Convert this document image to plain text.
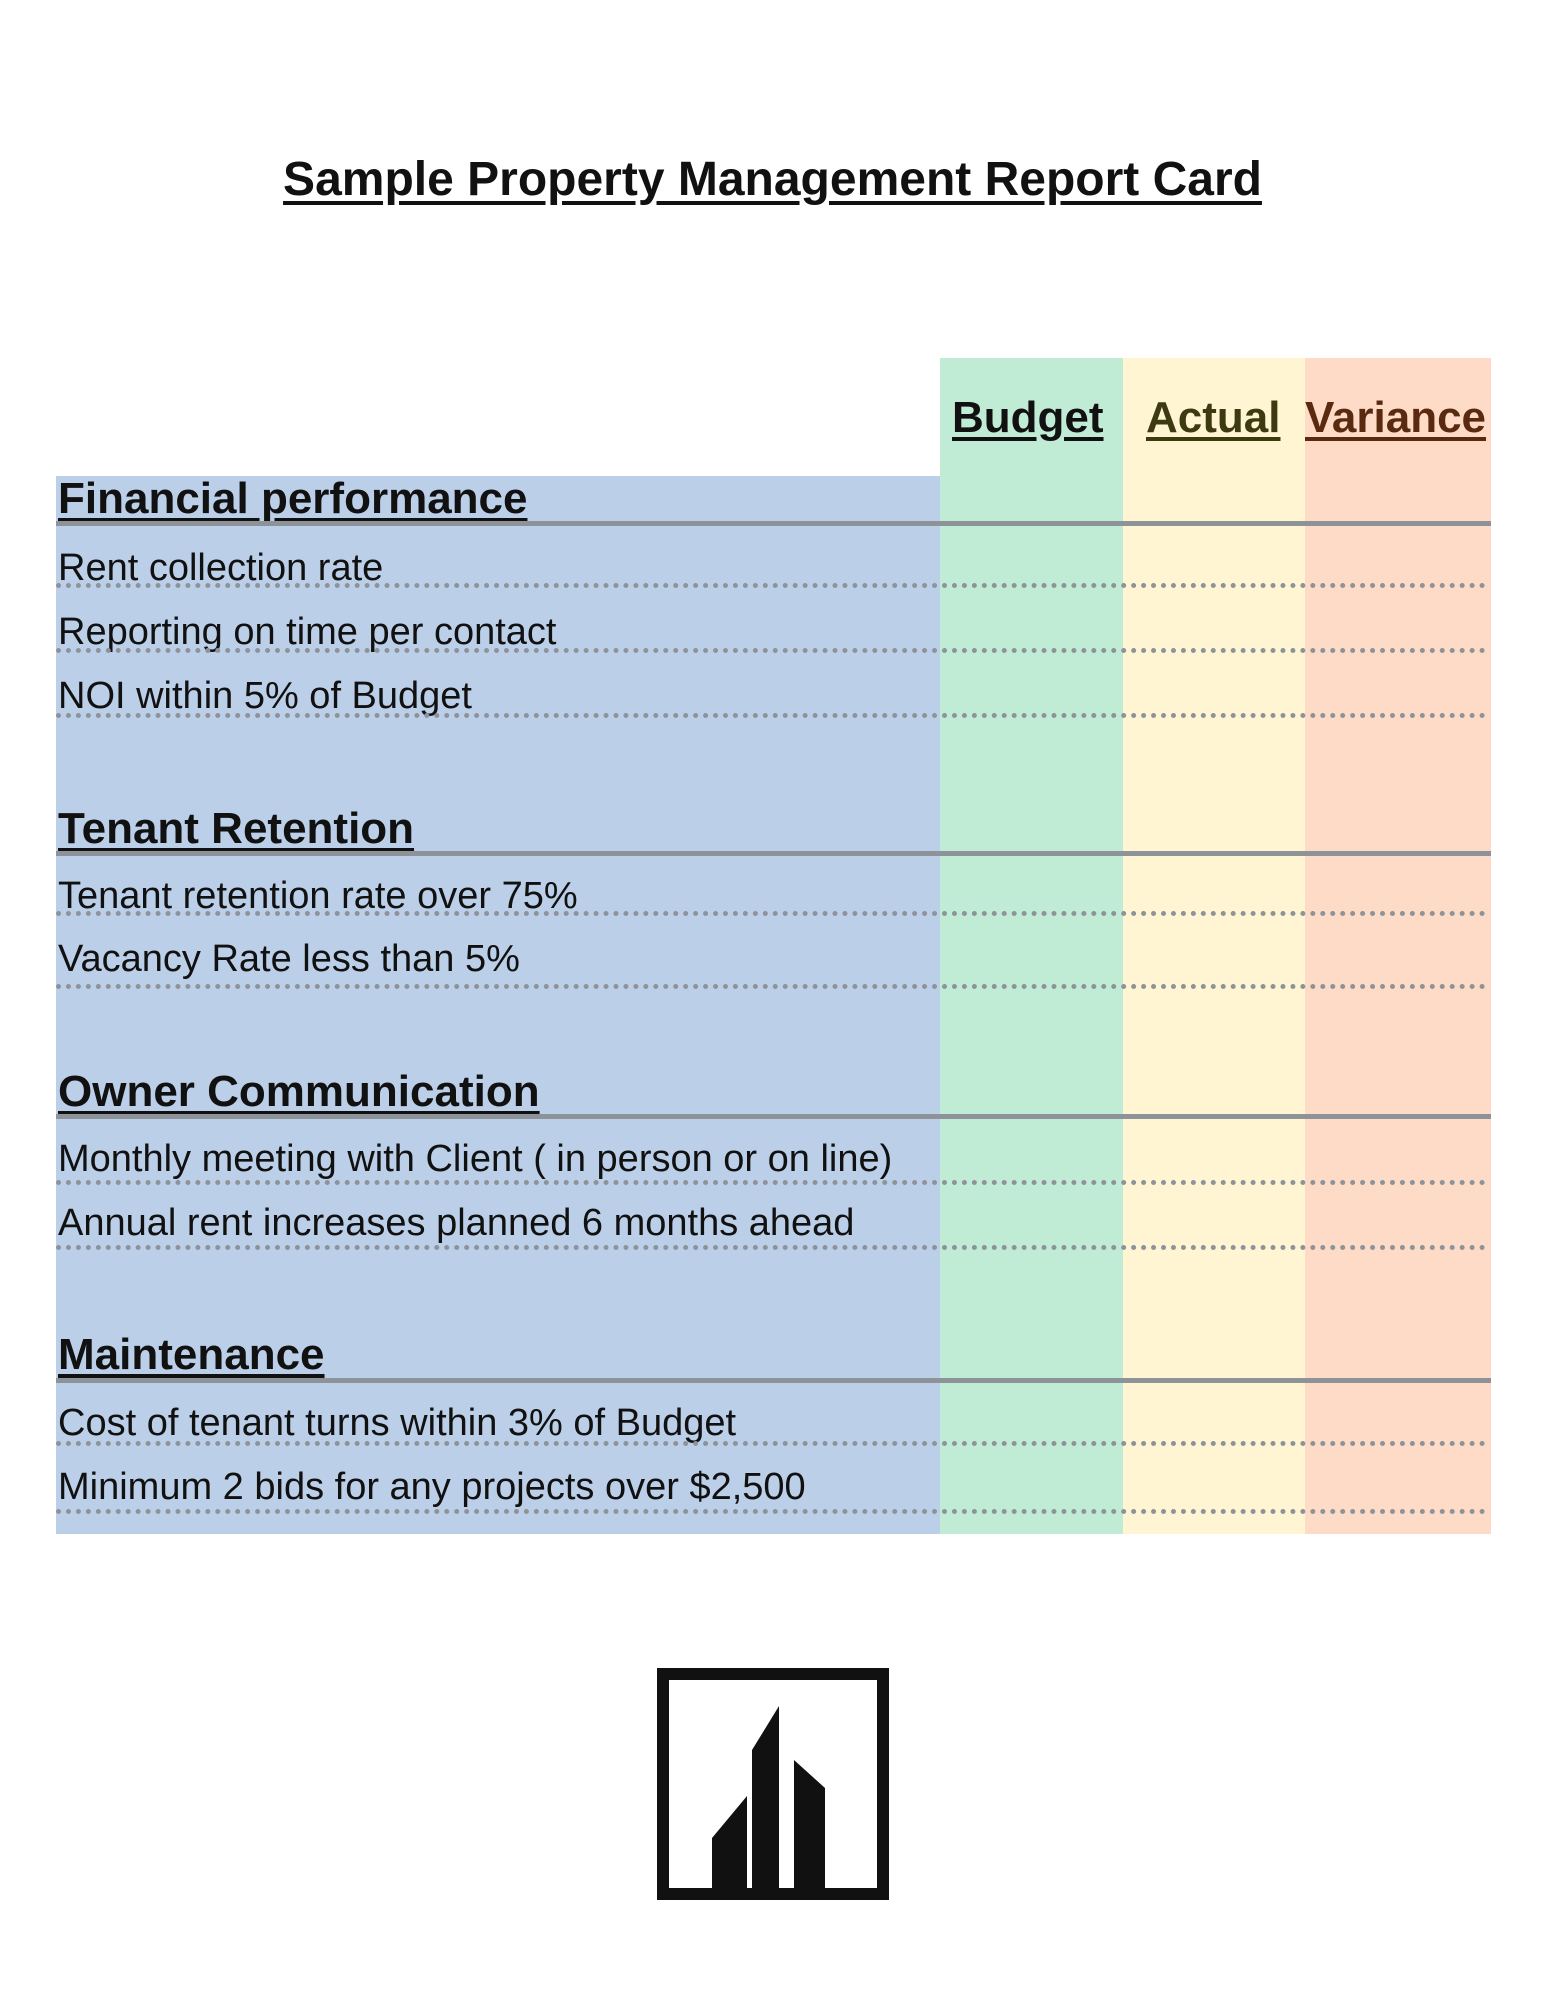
Sample Property Management Report Card
Budget Actual Variance
Financial performance
Rent collection rate
Reporting on time per contact
NOI within 5% of Budget
Tenant Retention
Tenant retention rate over 75%
Vacancy Rate less than 5%
Owner Communication
Monthly meeting with Client ( in person or on line)
Annual rent increases planned 6 months ahead
Maintenance
Cost of tenant turns within 3% of Budget
Minimum 2 bids for any projects over $2,500
